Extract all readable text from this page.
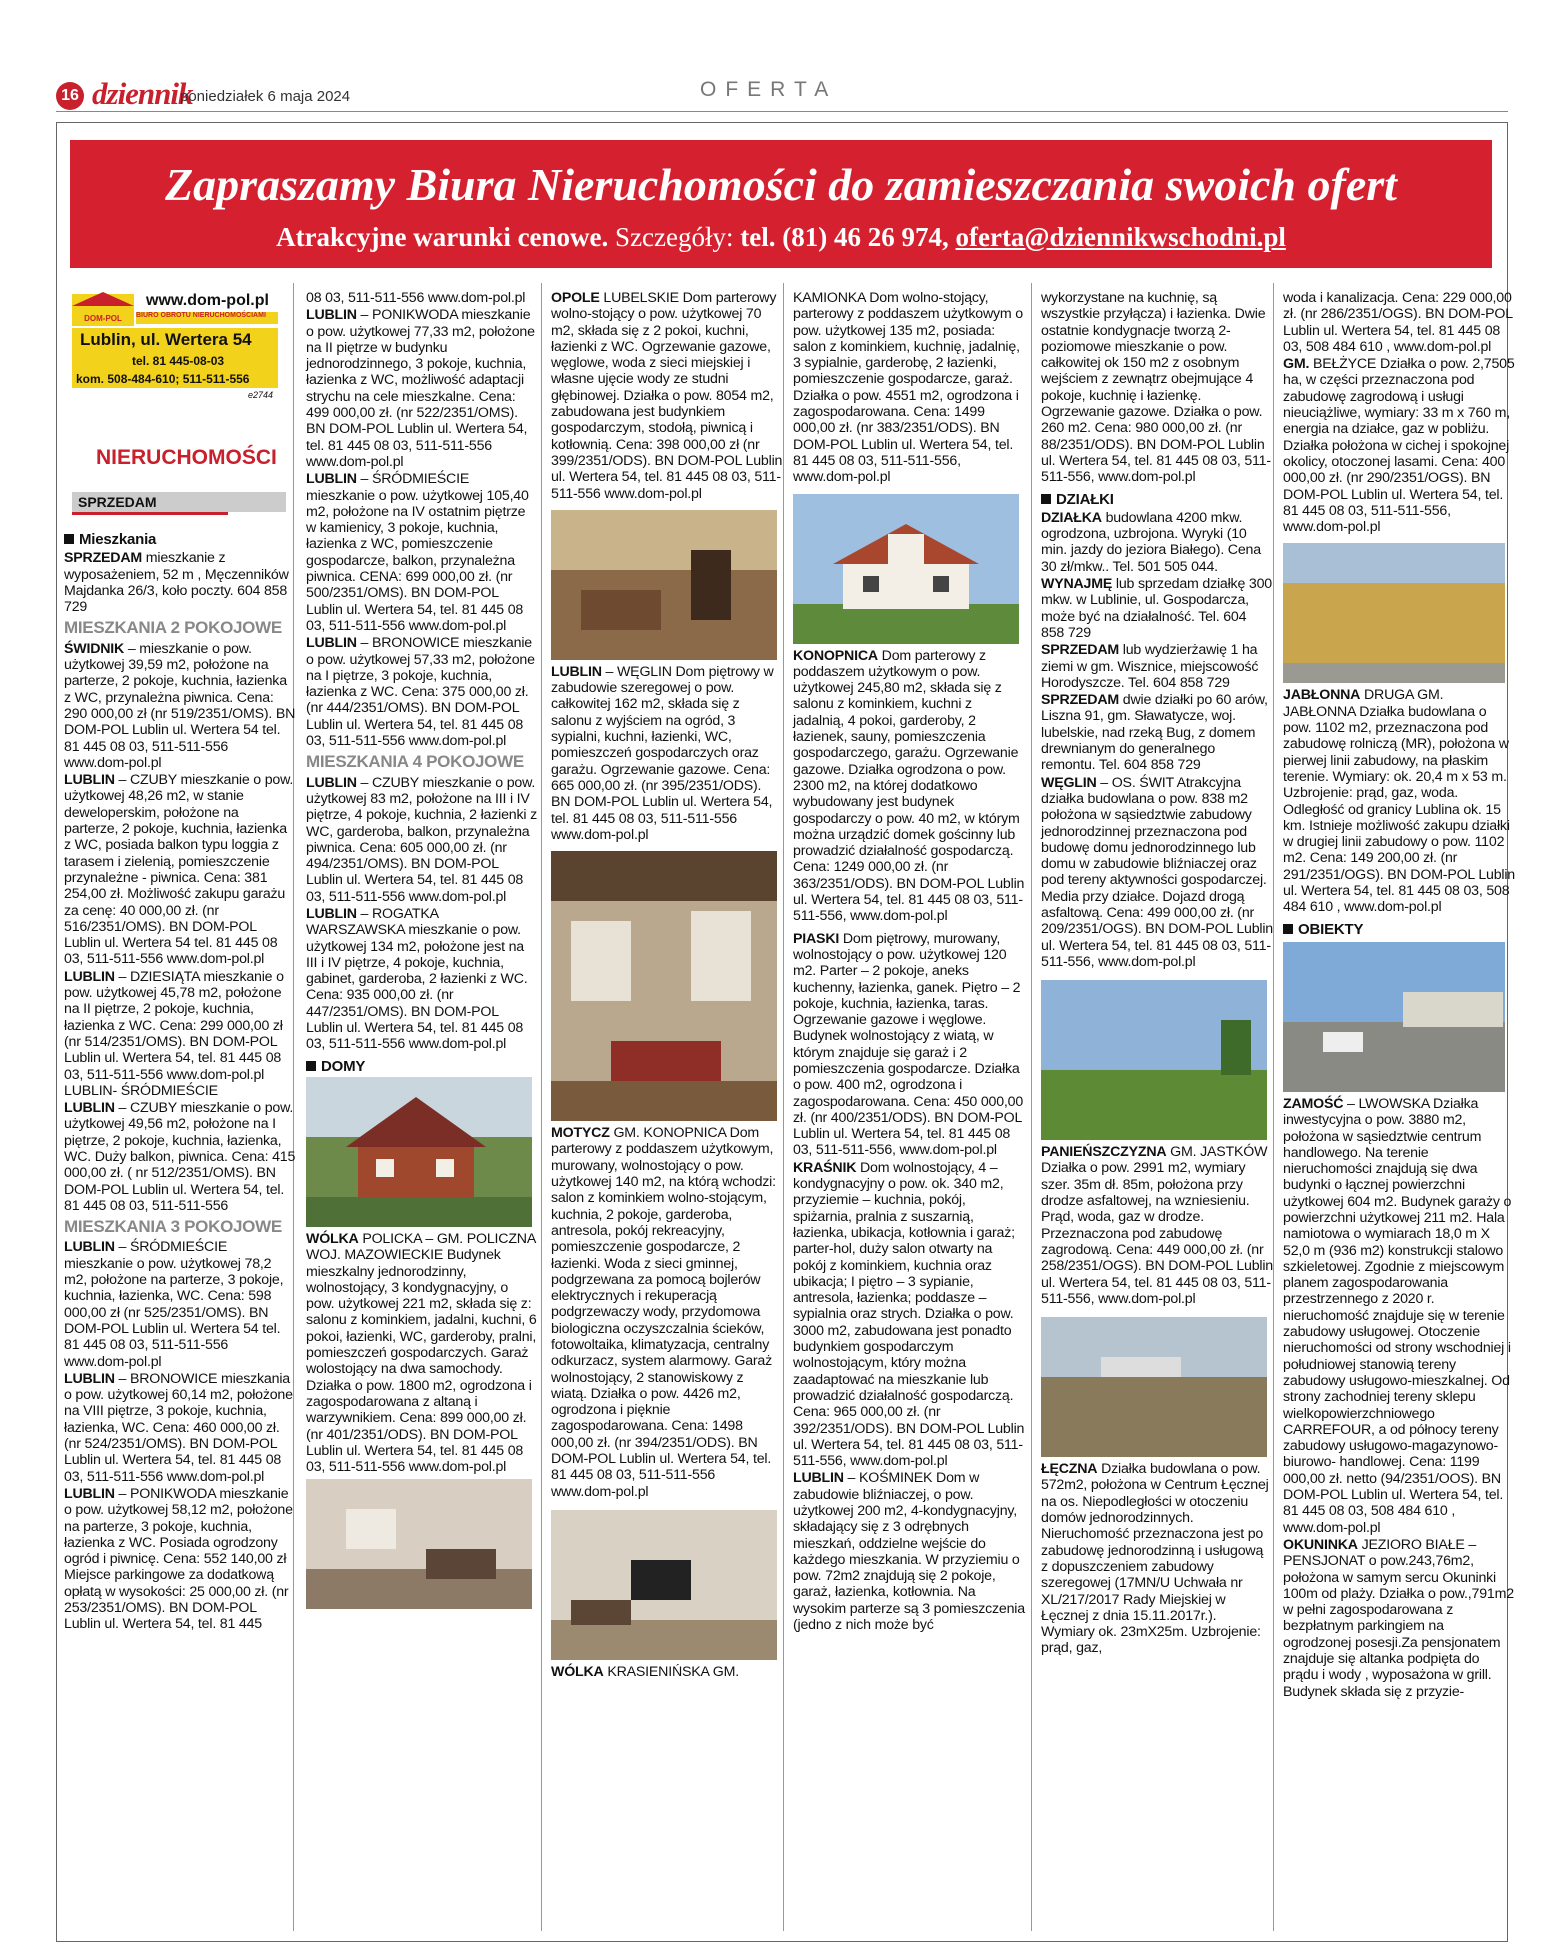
16 dziennik
poniedziałek 6 maja 2024	OFERTA
Zapraszamy Biura Nieruchomości do zamieszczania swoich ofert
Atrakcyjne warunki cenowe. Szczegóły: tel. (81) 46 26 974, oferta@dziennikwschodni.pl
DOM-POL
www.dom-pol.pl
BIURO OBROTU NIERUCHOMOŚCIAMI
Lublin, ul. Wertera 54
tel. 81 445-08-03
kom. 508-484-610; 511-511-556
e2744
NIERUCHOMOŚCI
SPRZEDAM
Mieszkania

SPRZEDAM mieszkanie z wyposażeniem, 52 m , Męczenników Majdanka 26/3, koło poczty. 604 858 729

MIESZKANIA 2 POKOJOWE

ŚWIDNIK – mieszkanie o pow. użytkowej 39,59 m2, położone na parterze, 2 pokoje, kuchnia, łazienka z WC, przynależna piwnica. Cena: 290 000,00 zł (nr 519/2351/OMS). BN DOM-POL Lublin ul. Wertera 54 tel. 81 445 08 03, 511-511-556 www.dom-pol.pl

LUBLIN – CZUBY mieszkanie o pow. użytkowej 48,26 m2, w stanie deweloperskim, położone na parterze, 2 pokoje, kuchnia, łazienka z WC, posiada balkon typu loggia z tarasem i zielenią, pomieszczenie przynależne - piwnica. Cena: 381 254,00 zł. Możliwość zakupu garażu za cenę: 40 000,00 zł. (nr 516/2351/OMS). BN DOM-POL Lublin ul. Wertera 54 tel. 81 445 08 03, 511-511-556 www.dom-pol.pl

LUBLIN – DZIESIĄTA mieszkanie o pow. użytkowej 45,78 m2, położone na II piętrze, 2 pokoje, kuchnia, łazienka z WC. Cena: 299 000,00 zł (nr 514/2351/OMS). BN DOM-POL Lublin ul. Wertera 54, tel. 81 445 08 03, 511-511-556 www.dom-pol.pl LUBLIN- ŚRÓDMIEŚCIE

LUBLIN – CZUBY mieszkanie o pow. użytkowej 49,56 m2, położone na I piętrze, 2 pokoje, kuchnia, łazienka, WC. Duży balkon, piwnica. Cena: 415 000,00 zł. ( nr 512/2351/OMS). BN DOM-POL Lublin ul. Wertera 54, tel. 81 445 08 03, 511-511-556

MIESZKANIA 3 POKOJOWE

LUBLIN – ŚRÓDMIEŚCIE mieszkanie o pow. użytkowej 78,2 m2, położone na parterze, 3 pokoje, kuchnia, łazienka, WC. Cena: 598 000,00 zł (nr 525/2351/OMS). BN DOM-POL Lublin ul. Wertera 54 tel. 81 445 08 03, 511-511-556 www.dom-pol.pl

LUBLIN – BRONOWICE mieszkania o pow. użytkowej 60,14 m2, położone na VIII piętrze, 3 pokoje, kuchnia, łazienka, WC. Cena: 460 000,00 zł. (nr 524/2351/OMS). BN DOM-POL Lublin ul. Wertera 54, tel. 81 445 08 03, 511-511-556 www.dom-pol.pl

LUBLIN – PONIKWODA mieszkanie o pow. użytkowej 58,12 m2, położone na parterze, 3 pokoje, kuchnia, łazienka z WC. Posiada ogrodzony ogród i piwnicę. Cena: 552 140,00 zł Miejsce parkingowe za dodatkową opłatą w wysokości: 25 000,00 zł. (nr 253/2351/OMS). BN DOM-POL Lublin ul. Wertera 54, tel. 81 445

08 03, 511-511-556 www.dom-pol.pl

LUBLIN – PONIKWODA mieszkanie o pow. użytkowej 77,33 m2, położone na II piętrze w budynku jednorodzinnego, 3 pokoje, kuchnia, łazienka z WC, możliwość adaptacji strychu na cele mieszkalne. Cena: 499 000,00 zł. (nr 522/2351/OMS). BN DOM-POL Lublin ul. Wertera 54, tel. 81 445 08 03, 511-511-556 www.dom-pol.pl

LUBLIN – ŚRÓDMIEŚCIE mieszkanie o pow. użytkowej 105,40 m2, położone na IV ostatnim piętrze w kamienicy, 3 pokoje, kuchnia, łazienka z WC, pomieszczenie gospodarcze, balkon, przynależna piwnica. CENA: 699 000,00 zł. (nr 500/2351/OMS). BN DOM-POL Lublin ul. Wertera 54, tel. 81 445 08 03, 511-511-556 www.dom-pol.pl

LUBLIN – BRONOWICE mieszkanie o pow. użytkowej 57,33 m2, położone na I piętrze, 3 pokoje, kuchnia, łazienka z WC. Cena: 375 000,00 zł. (nr 444/2351/OMS). BN DOM-POL Lublin ul. Wertera 54, tel. 81 445 08 03, 511-511-556 www.dom-pol.pl

MIESZKANIA 4 POKOJOWE

LUBLIN – CZUBY mieszkanie o pow. użytkowej 83 m2, położone na III i IV piętrze, 4 pokoje, kuchnia, 2 łazienki z WC, garderoba, balkon, przynależna piwnica. Cena: 605 000,00 zł. (nr 494/2351/OMS). BN DOM-POL Lublin ul. Wertera 54, tel. 81 445 08 03, 511-511-556 www.dom-pol.pl

LUBLIN – ROGATKA WARSZAWSKA mieszkanie o pow. użytkowej 134 m2, położone jest na III i IV piętrze, 4 pokoje, kuchnia, gabinet, garderoba, 2 łazienki z WC. Cena: 935 000,00 zł. (nr 447/2351/OMS). BN DOM-POL Lublin ul. Wertera 54, tel. 81 445 08 03, 511-511-556 www.dom-pol.pl

DOMY

WÓLKA POLICKA – GM. POLICZNA WOJ. MAZOWIECKIE Budynek mieszkalny jednorodzinny, wolnostojący, 3 kondygnacyjny, o pow. użytkowej 221 m2, składa się z: salonu z kominkiem, jadalni, kuchni, 6 pokoi, łazienki, WC, garderoby, pralni, pomieszczeń gospodarczych. Garaż wolostojący na dwa samochody. Działka o pow. 1800 m2, ogrodzona i zagospodarowana z altaną i warzywnikiem. Cena: 899 000,00 zł. (nr 401/2351/ODS). BN DOM-POL Lublin ul. Wertera 54, tel. 81 445 08 03, 511-511-556 www.dom-pol.pl

OPOLE LUBELSKIE Dom parterowy wolno-stojący o pow. użytkowej 70 m2, składa się z 2 pokoi, kuchni, łazienki z WC. Ogrzewanie gazowe, węglowe, woda z sieci miejskiej i własne ujęcie wody ze studni głębinowej. Działka o pow. 8054 m2, zabudowana jest budynkiem gospodarczym, stodołą, piwnicą i kotłownią. Cena: 398 000,00 zł (nr 399/2351/ODS). BN DOM-POL Lublin ul. Wertera 54, tel. 81 445 08 03, 511-511-556 www.dom-pol.pl

LUBLIN – WĘGLIN Dom piętrowy w zabudowie szeregowej o pow. całkowitej 162 m2, składa się z salonu z wyjściem na ogród, 3 sypialni, kuchni, łazienki, WC, pomieszczeń gospodarczych oraz garażu. Ogrzewanie gazowe. Cena: 665 000,00 zł. (nr 395/2351/ODS). BN DOM-POL Lublin ul. Wertera 54, tel. 81 445 08 03, 511-511-556 www.dom-pol.pl

MOTYCZ GM. KONOPNICA Dom parterowy z poddaszem użytkowym, murowany, wolnostojący o pow. użytkowej 140 m2, na którą wchodzi: salon z kominkiem wolno-stojącym, kuchnia, 2 pokoje, garderoba, antresola, pokój rekreacyjny, pomieszczenie gospodarcze, 2 łazienki. Woda z sieci gminnej, podgrzewana za pomocą bojlerów elektrycznych i rekuperacją podgrzewaczy wody, przydomowa biologiczna oczyszczalnia ścieków, fotowoltaika, klimatyzacja, centralny odkurzacz, system alarmowy. Garaż wolnostojący, 2 stanowiskowy z wiatą. Działka o pow. 4426 m2, ogrodzona i pięknie zagospodarowana. Cena: 1498 000,00 zł. (nr 394/2351/ODS). BN DOM-POL Lublin ul. Wertera 54, tel. 81 445 08 03, 511-511-556 www.dom-pol.pl

WÓLKA KRASIENIŃSKA GM.

KAMIONKA Dom wolno-stojący, parterowy z poddaszem użytkowym o pow. użytkowej 135 m2, posiada: salon z kominkiem, kuchnię, jadalnię, 3 sypialnie, garderobę, 2 łazienki, pomieszczenie gospodarcze, garaż. Działka o pow. 4551 m2, ogrodzona i zagospodarowana. Cena: 1499 000,00 zł. (nr 383/2351/ODS). BN DOM-POL Lublin ul. Wertera 54, tel. 81 445 08 03, 511-511-556, www.dom-pol.pl

KONOPNICA Dom parterowy z poddaszem użytkowym o pow. użytkowej 245,80 m2, składa się z salonu z kominkiem, kuchni z jadalnią, 4 pokoi, garderoby, 2 łazienek, sauny, pomieszczenia gospodarczego, garażu. Ogrzewanie gazowe. Działka ogrodzona o pow. 2300 m2, na której dodatkowo wybudowany jest budynek gospodarczy o pow. 40 m2, w którym można urządzić domek gościnny lub prowadzić działalność gospodarczą. Cena: 1249 000,00 zł. (nr 363/2351/ODS). BN DOM-POL Lublin ul. Wertera 54, tel. 81 445 08 03, 511-511-556, www.dom-pol.pl

PIASKI Dom piętrowy, murowany, wolnostojący o pow. użytkowej 120 m2. Parter – 2 pokoje, aneks kuchenny, łazienka, ganek. Piętro – 2 pokoje, kuchnia, łazienka, taras. Ogrzewanie gazowe i węglowe. Budynek wolnostojący z wiatą, w którym znajduje się garaż i 2 pomieszczenia gospodarcze. Działka o pow. 400 m2, ogrodzona i zagospodarowana. Cena: 450 000,00 zł. (nr 400/2351/ODS). BN DOM-POL Lublin ul. Wertera 54, tel. 81 445 08 03, 511-511-556, www.dom-pol.pl

KRAŚNIK Dom wolnostojący, 4 – kondygnacyjny o pow. ok. 340 m2, przyziemie – kuchnia, pokój, spiżarnia, pralnia z suszarnią, łazienka, ubikacja, kotłownia i garaż; parter-hol, duży salon otwarty na pokój z kominkiem, kuchnia oraz ubikacja; I piętro – 3 sypianie, antresola, łazienka; poddasze – sypialnia oraz strych. Działka o pow. 3000 m2, zabudowana jest ponadto budynkiem gospodarczym wolnostojącym, który można zaadaptować na mieszkanie lub prowadzić działalność gospodarczą. Cena: 965 000,00 zł. (nr 392/2351/ODS). BN DOM-POL Lublin ul. Wertera 54, tel. 81 445 08 03, 511-511-556, www.dom-pol.pl

LUBLIN – KOŚMINEK Dom w zabudowie bliźniaczej, o pow. użytkowej 200 m2, 4-kondygnacyjny, składający się z 3 odrębnych mieszkań, oddzielne wejście do każdego mieszkania. W przyziemiu o pow. 72m2 znajdują się 2 pokoje, garaż, łazienka, kotłownia. Na wysokim parterze są 3 pomieszczenia (jedno z nich może być

wykorzystane na kuchnię, są wszystkie przyłącza) i łazienka. Dwie ostatnie kondygnacje tworzą 2-poziomowe mieszkanie o pow. całkowitej ok 150 m2 z osobnym wejściem z zewnątrz obejmujące 4 pokoje, kuchnię i łazienkę. Ogrzewanie gazowe. Działka o pow. 260 m2. Cena: 980 000,00 zł. (nr 88/2351/ODS). BN DOM-POL Lublin ul. Wertera 54, tel. 81 445 08 03, 511-511-556, www.dom-pol.pl

DZIAŁKI

DZIAŁKA budowlana 4200 mkw. ogrodzona, uzbrojona. Wyryki (10 min. jazdy do jeziora Białego). Cena 30 zł/mkw.. Tel. 501 505 044.

WYNAJMĘ lub sprzedam działkę 300 mkw. w Lublinie, ul. Gospodarcza, może być na działalność. Tel. 604 858 729

SPRZEDAM lub wydzierżawię 1 ha ziemi w gm. Wisznice, miejscowość Horodyszcze. Tel. 604 858 729

SPRZEDAM dwie działki po 60 arów, Liszna 91, gm. Sławatycze, woj. lubelskie, nad rzeką Bug, z domem drewnianym do generalnego remontu. Tel. 604 858 729

WĘGLIN – OS. ŚWIT Atrakcyjna działka budowlana o pow. 838 m2 położona w sąsiedztwie zabudowy jednorodzinnej przeznaczona pod budowę domu jednorodzinnego lub domu w zabudowie bliźniaczej oraz pod tereny aktywności gospodarczej. Media przy działce. Dojazd drogą asfaltową. Cena: 499 000,00 zł. (nr 209/2351/OGS). BN DOM-POL Lublin ul. Wertera 54, tel. 81 445 08 03, 511-511-556, www.dom-pol.pl

PANIEŃSZCZYZNA GM. JASTKÓW Działka o pow. 2991 m2, wymiary szer. 35m dł. 85m, położona przy drodze asfaltowej, na wzniesieniu. Prąd, woda, gaz w drodze. Przeznaczona pod zabudowę zagrodową. Cena: 449 000,00 zł. (nr 258/2351/OGS). BN DOM-POL Lublin ul. Wertera 54, tel. 81 445 08 03, 511-511-556, www.dom-pol.pl

ŁĘCZNA Działka budowlana o pow. 572m2, położona w Centrum Łęcznej na os. Niepodległości w otoczeniu domów jednorodzinnych. Nieruchomość przeznaczona jest po zabudowę jednorodzinną i usługową z dopuszczeniem zabudowy szeregowej (17MN/U Uchwała nr XL/217/2017 Rady Miejskiej w Łęcznej z dnia 15.11.2017r.). Wymiary ok. 23mX25m. Uzbrojenie: prąd, gaz,

woda i kanalizacja. Cena: 229 000,00 zł. (nr 286/2351/OGS). BN DOM-POL Lublin ul. Wertera 54, tel. 81 445 08 03, 508 484 610 , www.dom-pol.pl

GM. BEŁŻYCE Działka o pow. 2,7505 ha, w części przeznaczona pod zabudowę zagrodową i usługi nieuciążliwe, wymiary: 33 m x 760 m, energia na działce, gaz w pobliżu. Działka położona w cichej i spokojnej okolicy, otoczonej lasami. Cena: 400 000,00 zł. (nr 290/2351/OGS). BN DOM-POL Lublin ul. Wertera 54, tel. 81 445 08 03, 511-511-556, www.dom-pol.pl

JABŁONNA DRUGA GM. JABŁONNA Działka budowlana o pow. 1102 m2, przeznaczona pod zabudowę rolniczą (MR), położona w pierwej linii zabudowy, na płaskim terenie. Wymiary: ok. 20,4 m x 53 m. Uzbrojenie: prąd, gaz, woda. Odległość od granicy Lublina ok. 15 km. Istnieje możliwość zakupu działki w drugiej linii zabudowy o pow. 1102 m2. Cena: 149 200,00 zł. (nr 291/2351/OGS). BN DOM-POL Lublin ul. Wertera 54, tel. 81 445 08 03, 508 484 610 , www.dom-pol.pl

OBIEKTY

ZAMOŚĆ – LWOWSKA Działka inwestycyjna o pow. 3880 m2, położona w sąsiedztwie centrum handlowego. Na terenie nieruchomości znajdują się dwa budynki o łącznej powierzchni użytkowej 604 m2. Budynek garaży o powierzchni użytkowej 211 m2. Hala namiotowa o wymiarach 18,0 m X 52,0 m (936 m2) konstrukcji stalowo szkieletowej. Zgodnie z miejscowym planem zagospodarowania przestrzennego z 2020 r. nieruchomość znajduje się w terenie zabudowy usługowej. Otoczenie nieruchomości od strony wschodniej i południowej stanowią tereny zabudowy usługowo-mieszkalnej. Od strony zachodniej tereny sklepu wielkopowierzchniowego CARREFOUR, a od północy tereny zabudowy usługowo-magazynowo-biurowo- handlowej. Cena: 1199 000,00 zł. netto (94/2351/OOS). BN DOM-POL Lublin ul. Wertera 54, tel. 81 445 08 03, 508 484 610 , www.dom-pol.pl

OKUNINKA JEZIORO BIAŁE – PENSJONAT o pow.243,76m2, położona w samym sercu Okuninki 100m od plaży. Działka o pow.,791m2 w pełni zagospodarowana z bezpłatnym parkingiem na ogrodzonej posesji.Za pensjonatem znajduje się altanka podpięta do prądu i wody , wyposażona w grill. Budynek składa się z przyzie-
